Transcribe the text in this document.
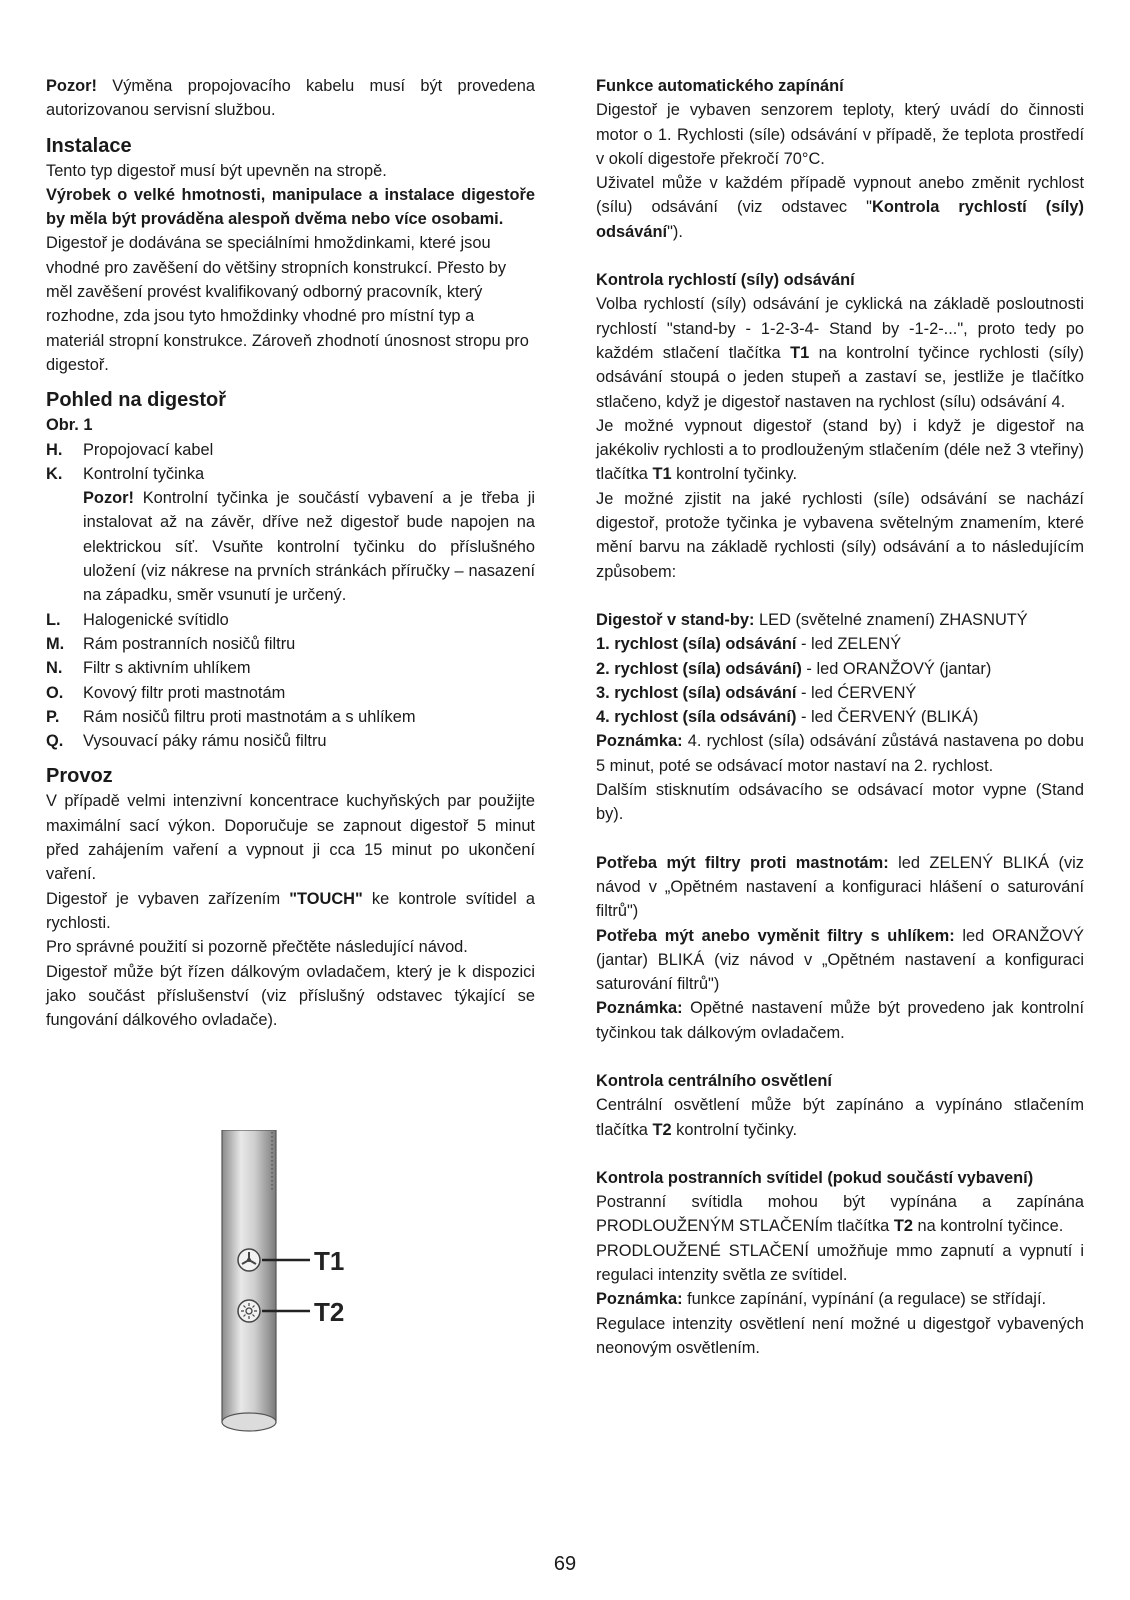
Pozor! Výměna propojovacího kabelu musí být provedena autorizovanou servisní službou.

Instalace

Tento typ digestoř musí být upevněn na stropě.

Výrobek o velké hmotnosti, manipulace a instalace digestoře by měla být prováděna alespoň dvěma nebo více osobami.

Digestoř je dodávána se speciálními hmoždinkami, které jsou vhodné pro zavěšení do většiny stropních konstrukcí. Přesto by měl zavěšení provést kvalifikovaný odborný pracovník, který rozhodne, zda jsou tyto hmoždinky vhodné pro místní typ a materiál stropní konstrukce. Zároveň zhodnotí únosnost stropu pro digestoř.

Pohled na digestoř

Obr. 1

H.	Propojovací kabel
K.	Kontrolní tyčinka

Pozor! Kontrolní tyčinka je součástí vybavení a je třeba ji instalovat až na závěr, dříve než digestoř bude napojen na elektrickou síť. Vsuňte kontrolní tyčinku do příslušného uložení (viz nákrese na prvních stránkách příručky – nasazení na západku, směr vsunutí je určený.

L.	Halogenické svítidlo
M.	Rám postranních nosičů filtru
N.	Filtr s aktivním uhlíkem
O.	Kovový filtr proti mastnotám
P.	Rám nosičů filtru proti mastnotám a s uhlíkem
Q.	Vysouvací páky rámu nosičů filtru
Provoz

V případě velmi intenzivní koncentrace kuchyňských par použijte maximální sací výkon. Doporučuje se zapnout digestoř 5 minut před zahájením vaření a vypnout ji cca 15 minut po ukončení vaření.

Digestoř je vybaven zařízením "TOUCH" ke kontrole svítidel a rychlosti.

Pro správné použití si pozorně přečtěte následující návod.

Digestoř může být řízen dálkovým ovladačem, který je k dispozici jako součást příslušenství (viz příslušný odstavec týkající se fungování dálkového ovladače).

T1
T2

Funkce automatického zapínání

Digestoř je vybaven senzorem teploty, který uvádí do činnosti motor o 1. Rychlosti (síle) odsávání v případě, že teplota prostředí v okolí digestoře překročí 70°C.

Uživatel může v každém případě vypnout anebo změnit rychlost (sílu) odsávání (viz odstavec "Kontrola rychlostí (síly) odsávání").

Kontrola rychlostí (síly) odsávání

Volba rychlostí (síly) odsávání je cyklická na základě posloutnosti rychlostí "stand-by - 1-2-3-4- Stand by -1-2-...", proto tedy po každém stlačení tlačítka T1 na kontrolní tyčince rychlosti (síly) odsávání stoupá o jeden stupeň a zastaví se, jestliže je tlačítko stlačeno, když je digestoř nastaven na rychlost (sílu) odsávání 4.

Je možné vypnout digestoř (stand by) i když je digestoř na jakékoliv rychlosti a to prodlouženým stlačením (déle než 3 vteřiny) tlačítka T1 kontrolní tyčinky.

Je možné zjistit na jaké rychlosti (síle) odsávání se nachází digestoř, protože tyčinka je vybavena světelným znamením, které mění barvu na základě rychlosti (síly) odsávání a to následujícím způsobem:

Digestoř v stand-by: LED (světelné znamení) ZHASNUTÝ

1. rychlost (síla) odsávání - led ZELENÝ

2. rychlost (síla) odsávání) - led ORANŽOVÝ (jantar)

3. rychlost (síla) odsávání - led ĆERVENÝ

4. rychlost (síla odsávání) - led ČERVENÝ (BLIKÁ)

Poznámka: 4. rychlost (síla) odsávání zůstává nastavena po dobu 5 minut, poté se odsávací motor nastaví na 2. rychlost.

Dalším stisknutím odsávacího se odsávací motor vypne (Stand by).

Potřeba mýt filtry proti mastnotám: led ZELENÝ BLIKÁ (viz návod v „Opětném nastavení a konfiguraci hlášení o saturování filtrů")

Potřeba mýt anebo vyměnit filtry s uhlíkem: led ORANŽOVÝ (jantar) BLIKÁ (viz návod v „Opětném nastavení a konfiguraci saturování filtrů")

Poznámka: Opětné nastavení může být provedeno jak kontrolní tyčinkou tak dálkovým ovladačem.

Kontrola centrálního osvětlení

Centrální osvětlení může být zapínáno a vypínáno stlačením tlačítka T2 kontrolní tyčinky.

Kontrola postranních svítidel (pokud součástí vybavení)

Postranní svítidla mohou být vypínána a zapínána PRODLOUŽENÝM STLAČENÍm tlačítka T2 na kontrolní tyčince.

PRODLOUŽENÉ STLAČENÍ umožňuje mmo zapnutí a vypnutí i regulaci intenzity světla ze svítidel.

Poznámka: funkce zapínání, vypínání (a regulace) se střídají.

Regulace intenzity osvětlení není možné u digestgoř vybavených neonovým osvětlením.

69
